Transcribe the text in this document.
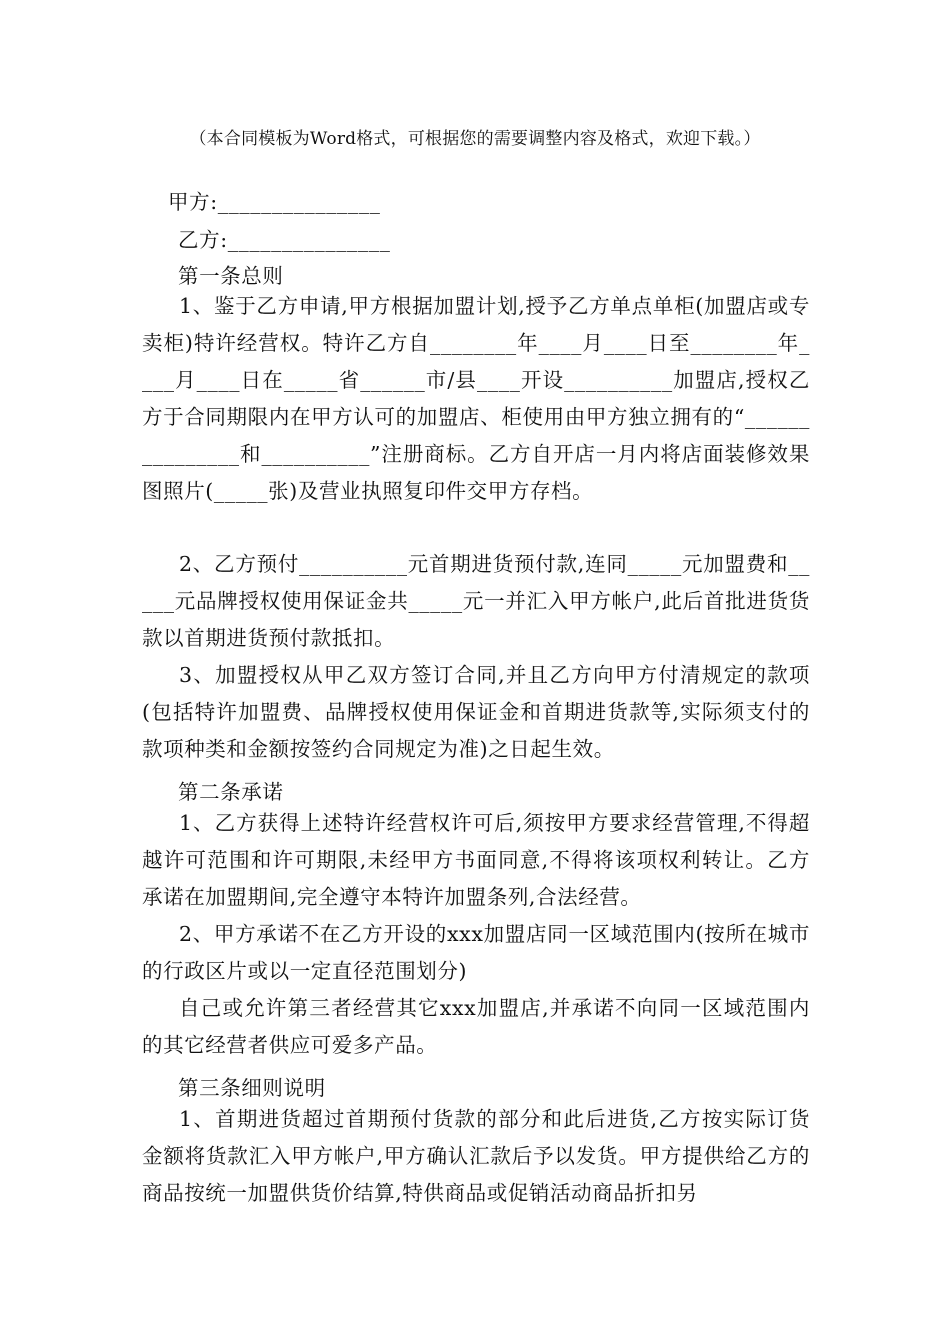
（本合同模板为Word格式，可根据您的需要调整内容及格式，欢迎下载。）
甲方:_______________
乙方:_______________
第一条总则
1、鉴于乙方申请,甲方根据加盟计划,授予乙方单点单柜(加盟店或专卖柜)特许经营权。特许乙方自________年____月____日至________年____月____日在_____省______市/县____开设__________加盟店,授权乙方于合同期限内在甲方认可的加盟店、柜使用由甲方独立拥有的“_______________和__________”注册商标。乙方自开店一月内将店面装修效果图照片(_____张)及营业执照复印件交甲方存档。
2、乙方预付__________元首期进货预付款,连同_____元加盟费和_____元品牌授权使用保证金共_____元一并汇入甲方帐户,此后首批进货货款以首期进货预付款抵扣。
3、加盟授权从甲乙双方签订合同,并且乙方向甲方付清规定的款项(包括特许加盟费、品牌授权使用保证金和首期进货款等,实际须支付的款项种类和金额按签约合同规定为准)之日起生效。
第二条承诺
1、乙方获得上述特许经营权许可后,须按甲方要求经营管理,不得超越许可范围和许可期限,未经甲方书面同意,不得将该项权利转让。乙方承诺在加盟期间,完全遵守本特许加盟条列,合法经营。
2、甲方承诺不在乙方开设的xxx加盟店同一区域范围内(按所在城市的行政区片或以一定直径范围划分)
自己或允许第三者经营其它xxx加盟店,并承诺不向同一区域范围内的其它经营者供应可爱多产品。
第三条细则说明
1、首期进货超过首期预付货款的部分和此后进货,乙方按实际订货金额将货款汇入甲方帐户,甲方确认汇款后予以发货。甲方提供给乙方的商品按统一加盟供货价结算,特供商品或促销活动商品折扣另
